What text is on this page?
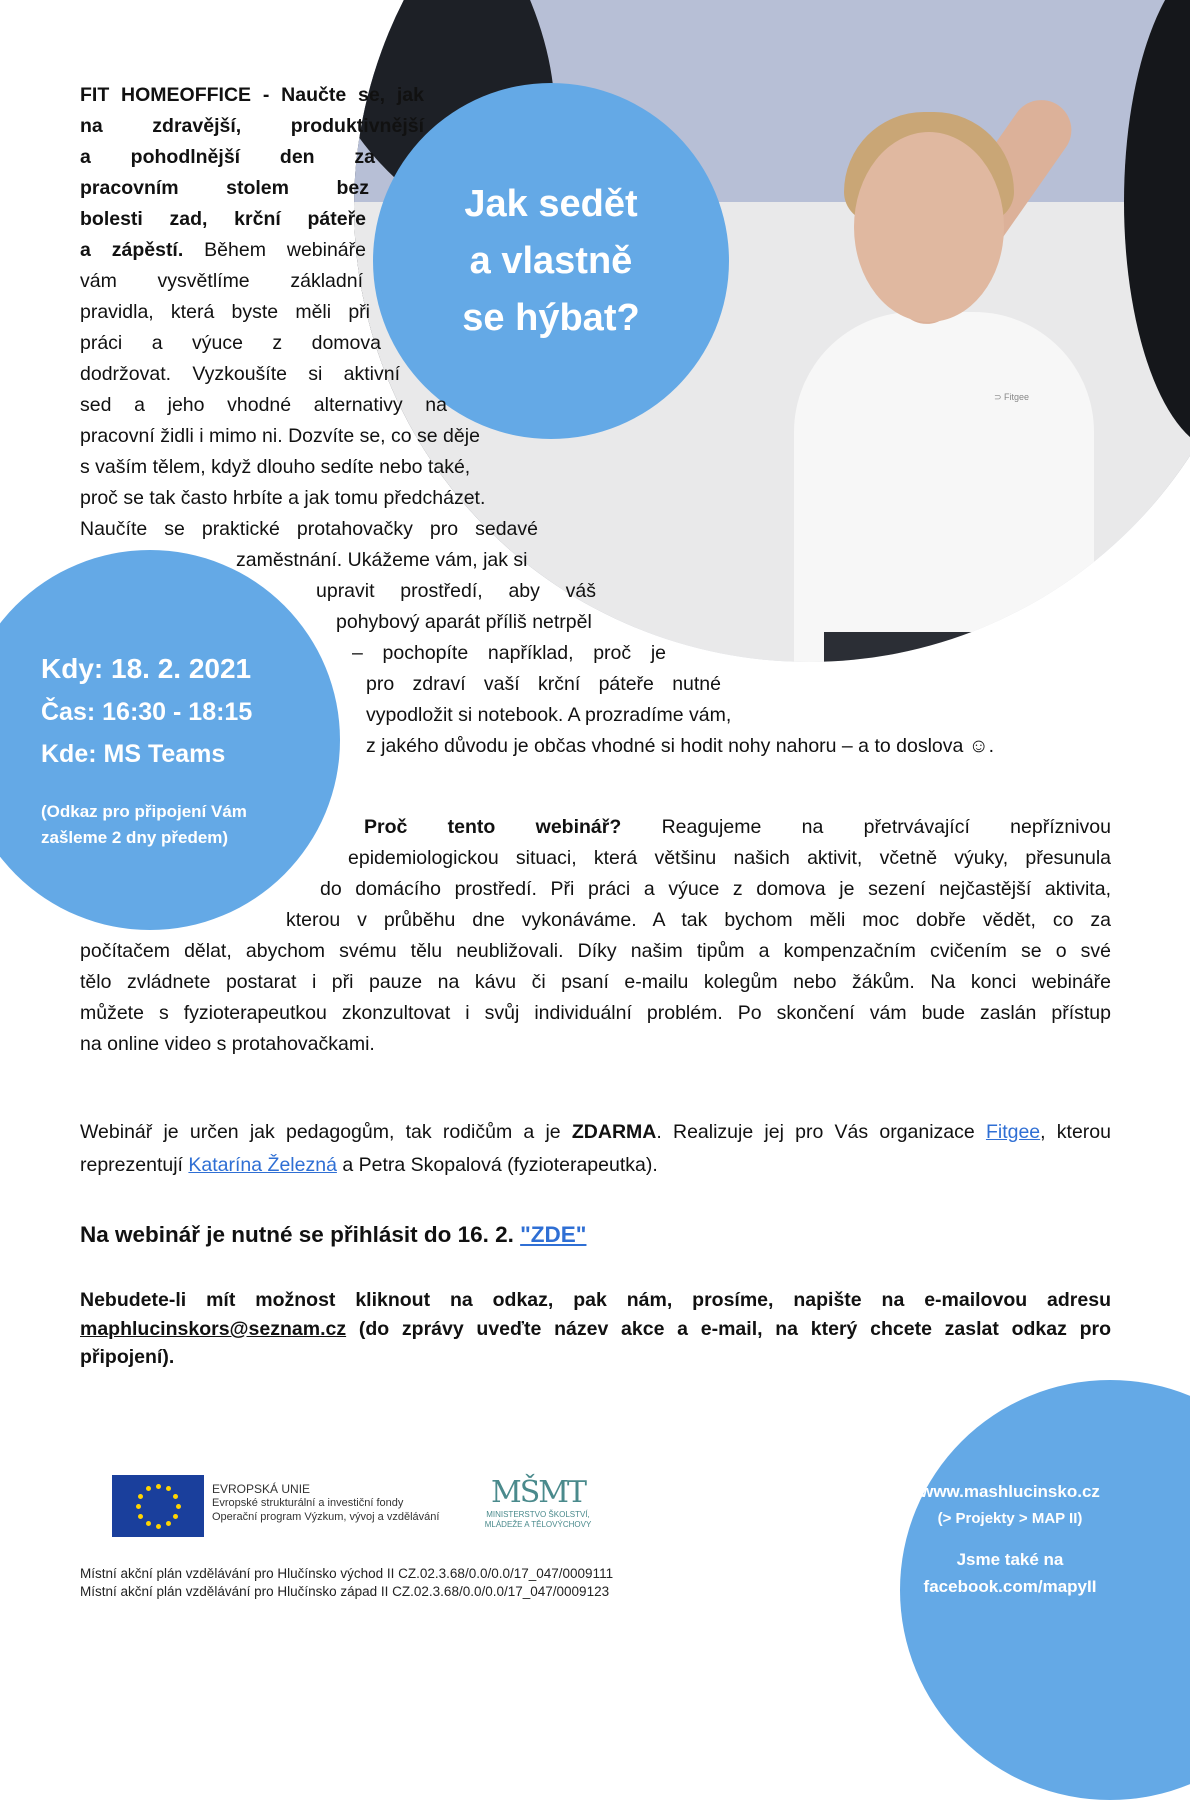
⊃ Fitgee
Jak sedět
a vlastně
se hýbat?
FIT HOMEOFFICE - Naučte se, jak
na zdravější, produktivnější
a pohodlnější den za
pracovním stolem bez
bolesti zad, krční páteře
a zápěstí. Během webináře
vám vysvětlíme základní
pravidla, která byste měli při
práci a výuce z domova
dodržovat. Vyzkoušíte si aktivní
sed a jeho vhodné alternativy na
pracovní židli i mimo ni. Dozvíte se, co se děje
s vaším tělem, když dlouho sedíte nebo také,
proč se tak často hrbíte a jak tomu předcházet.
Naučíte se praktické protahovačky pro sedavé
zaměstnání. Ukážeme vám, jak si
upravit prostředí, aby váš
pohybový aparát příliš netrpěl
– pochopíte například, proč je
pro zdraví vaší krční páteře nutné
vypodložit si notebook. A prozradíme vám,
z jakého důvodu je občas vhodné si hodit nohy nahoru – a to doslova ☺.
Kdy: 18. 2. 2021
Čas: 16:30 - 18:15
Kde: MS Teams
(Odkaz pro připojení Vám
zašleme 2 dny předem)	Proč tento webinář? Reagujeme na přetrvávající nepříznivou
epidemiologickou situaci, která většinu našich aktivit, včetně výuky, přesunula
do domácího prostředí. Při práci a výuce z domova je sezení nejčastější aktivita,
kterou v průběhu dne vykonáváme. A tak bychom měli moc dobře vědět, co za
počítačem dělat, abychom svému tělu neubližovali. Díky našim tipům a kompenzačním cvičením se o své
tělo zvládnete postarat i při pauze na kávu či psaní e-mailu kolegům nebo žákům. Na konci webináře
můžete s fyzioterapeutkou zkonzultovat i svůj individuální problém. Po skončení vám bude zaslán přístup
na online video s protahovačkami.
Webinář je určen jak pedagogům, tak rodičům a je ZDARMA. Realizuje jej pro Vás organizace Fitgee, kterou
reprezentují Katarína Železná a Petra Skopalová (fyzioterapeutka).
Na webinář je nutné se přihlásit do 16. 2. "ZDE"
Nebudete-li mít možnost kliknout na odkaz, pak nám, prosíme, napište na e-mailovou adresu
maphlucinskors@seznam.cz (do zprávy uveďte název akce a e-mail, na který chcete zaslat odkaz pro
připojení).
EVROPSKÁ UNIE
Evropské strukturální a investiční fondy
Operační program Výzkum, vývoj a vzdělávání
MŠMT
MINISTERSTVO ŠKOLSTVÍ,
MLÁDEŽE A TĚLOVÝCHOVY
Místní akční plán vzdělávání pro Hlučínsko východ II CZ.02.3.68/0.0/0.0/17_047/0009111
Místní akční plán vzdělávání pro Hlučínsko západ II CZ.02.3.68/0.0/0.0/17_047/0009123
www.mashlucinsko.cz
(> Projekty > MAP II)
Jsme také na
facebook.com/mapyII
